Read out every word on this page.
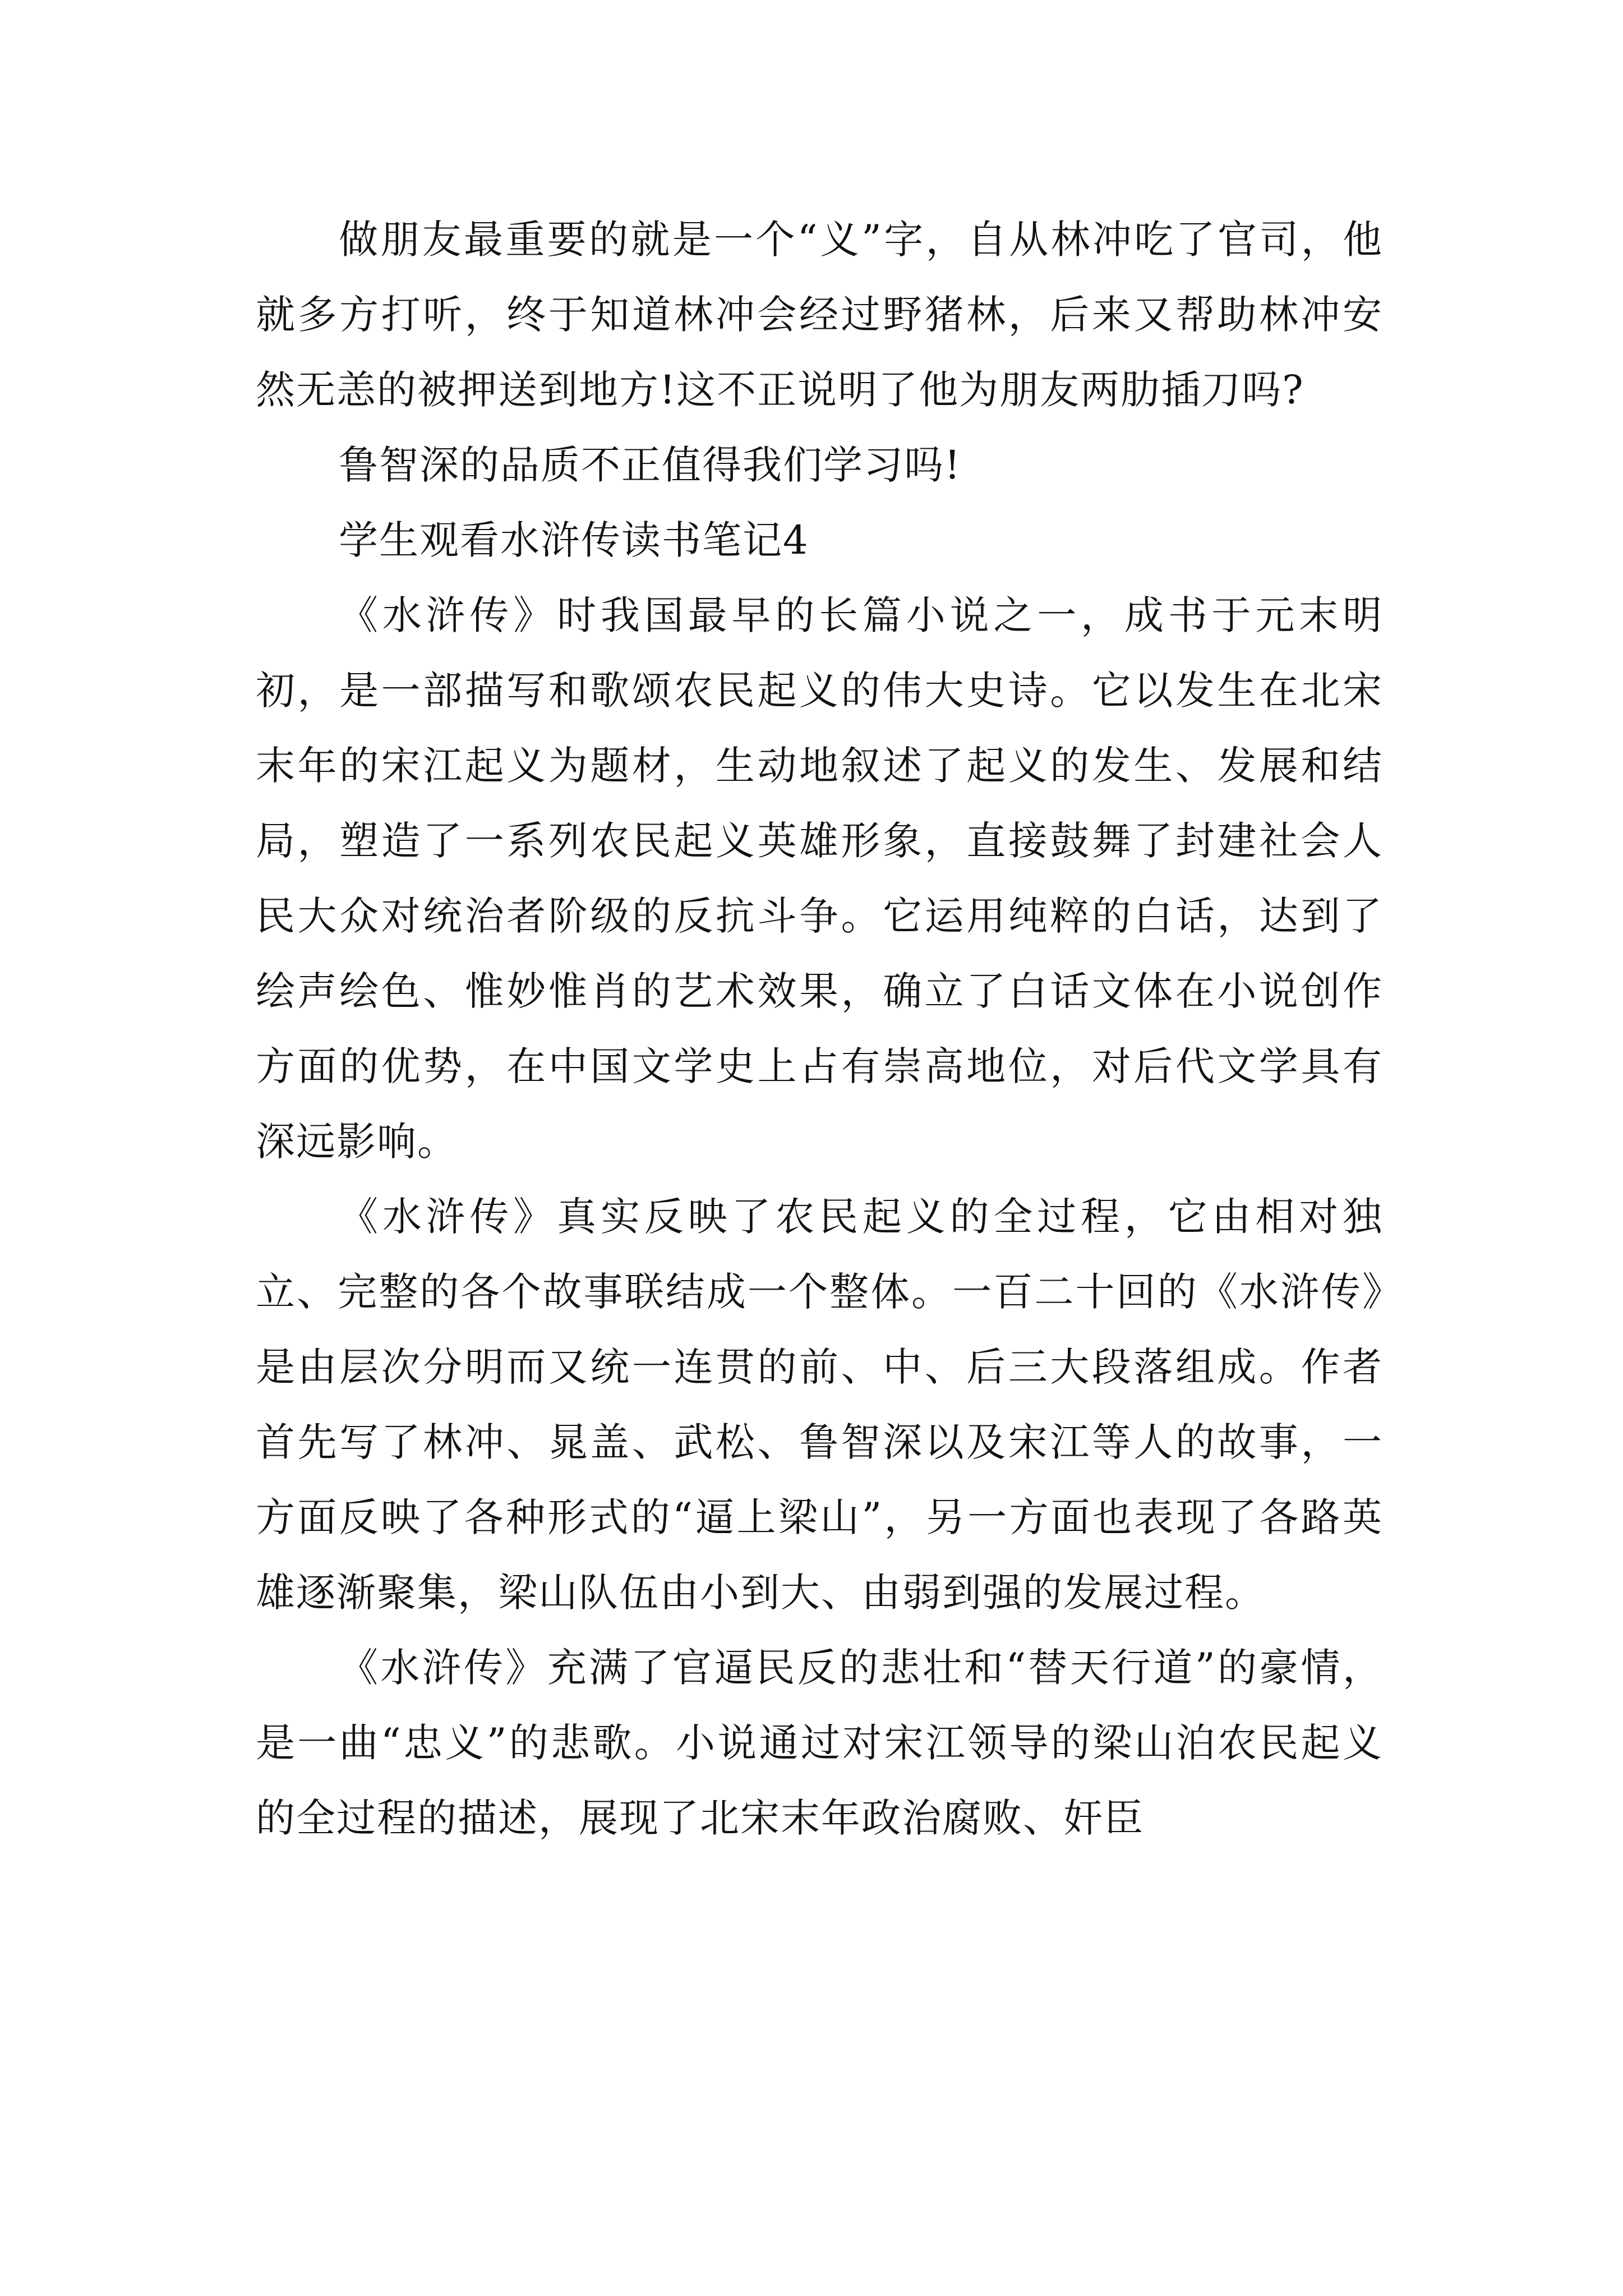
做朋友最重要的就是一个“义”字，自从林冲吃了官司，他就多方打听，终于知道林冲会经过野猪林，后来又帮助林冲安然无恙的被押送到地方!这不正说明了他为朋友两肋插刀吗?

鲁智深的品质不正值得我们学习吗!

学生观看水浒传读书笔记4

《水浒传》时我国最早的长篇小说之一，成书于元末明初，是一部描写和歌颂农民起义的伟大史诗。它以发生在北宋末年的宋江起义为题材，生动地叙述了起义的发生、发展和结局，塑造了一系列农民起义英雄形象，直接鼓舞了封建社会人民大众对统治者阶级的反抗斗争。它运用纯粹的白话，达到了绘声绘色、惟妙惟肖的艺术效果，确立了白话文体在小说创作方面的优势，在中国文学史上占有崇高地位，对后代文学具有深远影响。

《水浒传》真实反映了农民起义的全过程，它由相对独立、完整的各个故事联结成一个整体。一百二十回的《水浒传》是由层次分明而又统一连贯的前、中、后三大段落组成。作者首先写了林冲、晁盖、武松、鲁智深以及宋江等人的故事，一方面反映了各种形式的“逼上梁山”，另一方面也表现了各路英雄逐渐聚集，梁山队伍由小到大、由弱到强的发展过程。

《水浒传》充满了官逼民反的悲壮和“替天行道”的豪情，是一曲“忠义”的悲歌。小说通过对宋江领导的梁山泊农民起义的全过程的描述，展现了北宋末年政治腐败、奸臣
